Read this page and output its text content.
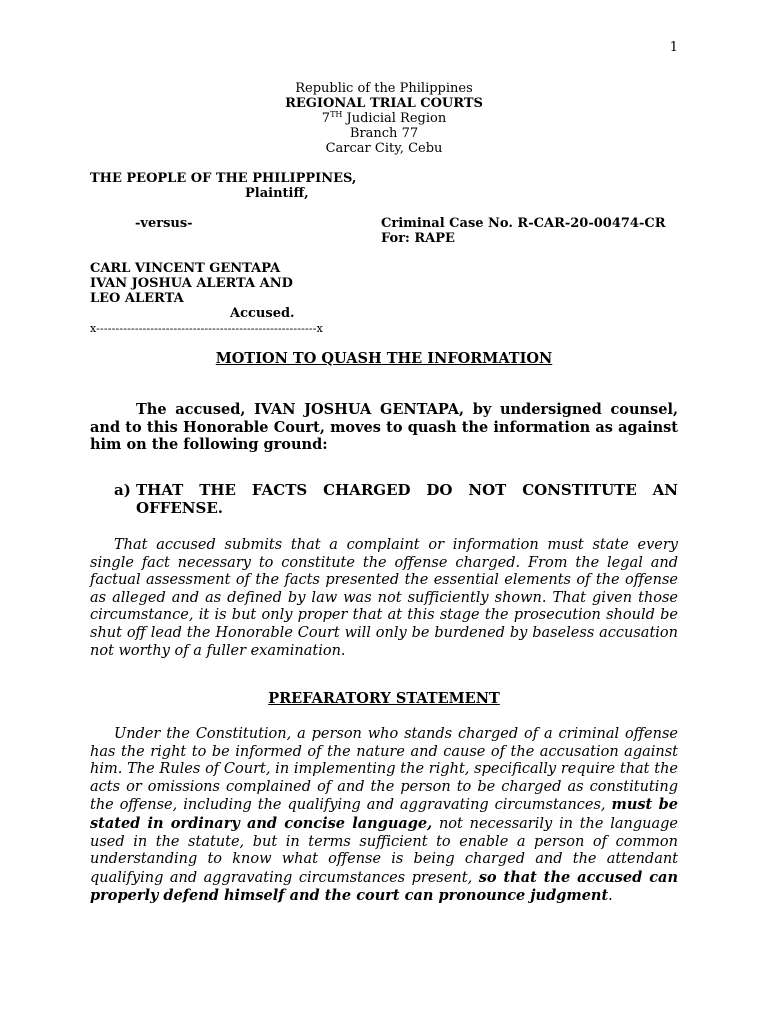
1
Republic of the Philippines
REGIONAL TRIAL COURTS
7TH Judicial Region
Branch 77
Carcar City, Cebu
THE PEOPLE OF THE PHILIPPINES,
Plaintiff,
-versus-	Criminal Case No. R-CAR-20-00474-CR
For: RAPE
CARL VINCENT GENTAPA
IVAN JOSHUA ALERTA AND
LEO ALERTA
Accused.
x---------------------------------------------------------x
MOTION TO QUASH THE INFORMATION
The accused, IVAN JOSHUA GENTAPA, by undersigned counsel, and to this Honorable Court, moves to quash the information as against him on the following ground:
a) THAT THE FACTS CHARGED DO NOT CONSTITUTE AN OFFENSE.
That accused submits that a complaint or information must state every single fact necessary to constitute the offense charged. From the legal and factual assessment of the facts presented the essential elements of the offense as alleged and as defined by law was not sufficiently shown. That given those circumstance, it is but only proper that at this stage the prosecution should be shut off lead the Honorable Court will only be burdened by baseless accusation not worthy of a fuller examination.
PREFARATORY STATEMENT
Under the Constitution, a person who stands charged of a criminal offense has the right to be informed of the nature and cause of the accusation against him. The Rules of Court, in implementing the right, specifically require that the acts or omissions complained of and the person to be charged as constituting the offense, including the qualifying and aggravating circumstances, must be stated in ordinary and concise language, not necessarily in the language used in the statute, but in terms sufficient to enable a person of common understanding to know what offense is being charged and the attendant qualifying and aggravating circumstances present, so that the accused can properly defend himself and the court can pronounce judgment.
